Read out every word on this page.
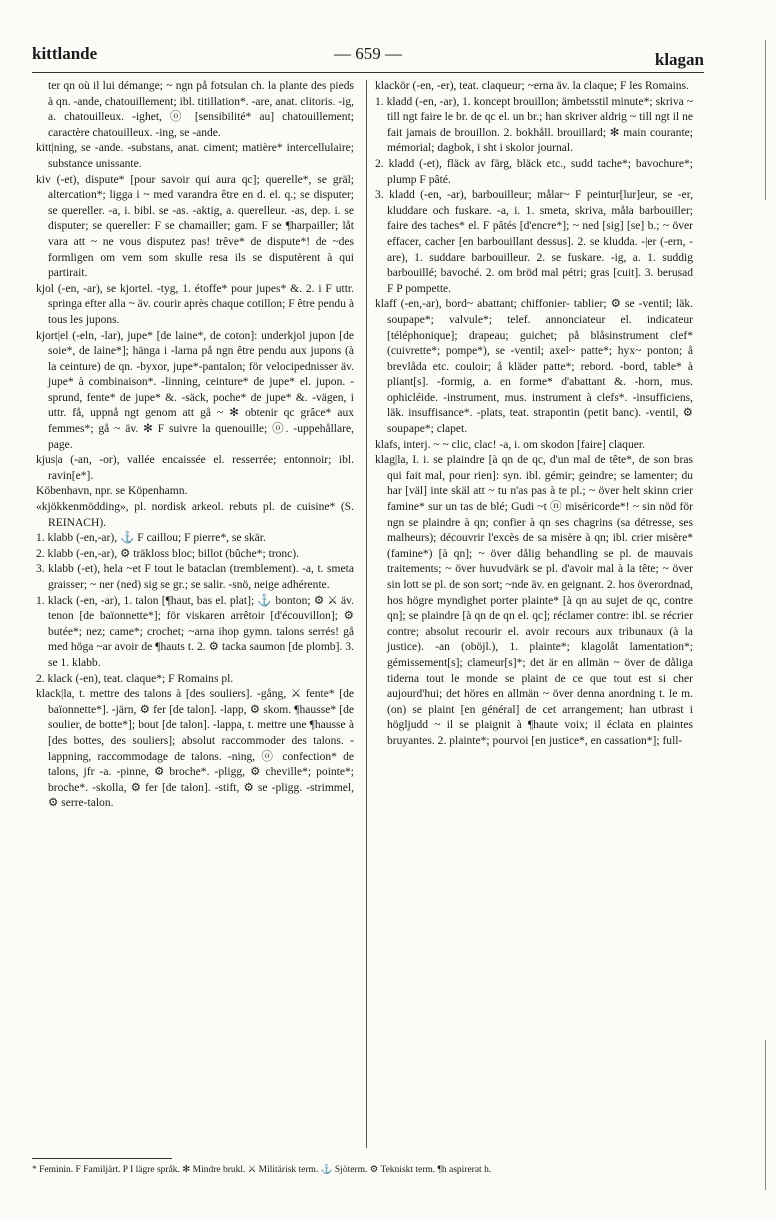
kittlande	— 659 —	klagan

ter qn où il lui démange; ~ ngn på fotsulan ch. la plante des pieds à qn. -ande, chatouillement; ibl. titillation*. -are, anat. clitoris. -ig, a. chatouilleux. -ighet, ⓞ [sensibilité* au] chatouillement; caractère chatouilleux. -ing, se -ande.

kitt|ning, se -ande. -substans, anat. ciment; matière* intercellulaire; substance unissante.

kiv (-et), dispute* [pour savoir qui aura qc]; querelle*, se gräl; altercation*; ligga i ~ med varandra être en d. el. q.; se disputer; se quereller. -a, i. bibl. se -as. -aktig, a. querelleur. -as, dep. i. se disputer; se quereller: F se chamailler; gam. F se ¶harpailler; låt vara att ~ ne vous disputez pas! trêve* de dispute*! de ~des formligen om vem som skulle resa ils se disputèrent à qui partirait.

kjol (-en, -ar), se kjortel. -tyg, 1. étoffe* pour jupes* &. 2. i F uttr. springa efter alla ~ äv. courir après chaque cotillon; F être pendu à tous les jupons.

kjort|el (-eln, -lar), jupe* [de laine*, de coton]: underkjol jupon [de soie*, de laine*]; hänga i -larna på ngn être pendu aux jupons (à la ceinture) de qn. -byxor, jupe*-pantalon; för velocipednisser äv. jupe* à combinaison*. -linning, ceinture* de jupe* el. jupon. -sprund, fente* de jupe* &. -säck, poche* de jupe* &. -vägen, i uttr. få, uppnå ngt genom att gå ~ ✻ obtenir qc grâce* aux femmes*; gå ~ äv. ✻ F suivre la quenouille; ⓞ. -uppehållare, page.

kjus|a (-an, -or), vallée encaissée el. resserrée; entonnoir; ibl. ravin[e*].

Köbenhavn, npr. se Köpenhamn.

«kjökkenmödding», pl. nordisk arkeol. rebuts pl. de cuisine* (S. REINACH).

1. klabb (-en,-ar), ⚓ F caillou; F pierre*, se skär.

2. klabb (-en,-ar), ⚙ träkloss bloc; billot (bûche*; tronc).

3. klabb (-et), hela ~et F tout le bataclan (tremblement). -a, t. smeta graisser; ~ ner (ned) sig se gr.; se salir. -snö, neige adhérente.

1. klack (-en, -ar), 1. talon [¶haut, bas el. plat]; ⚓ bonton; ⚙ ⚔ äv. tenon [de baïonnette*]; för viskaren arrêtoir [d'écouvillon]; ⚙ butée*; nez; came*; crochet; ~arna ihop gymn. talons serrés! gå med höga ~ar avoir de ¶hauts t. 2. ⚙ tacka saumon [de plomb]. 3. se 1. klabb.

2. klack (-en), teat. claque*; F Romains pl.

klack|la, t. mettre des talons à [des souliers]. -gång, ⚔ fente* [de baïonnette*]. -järn, ⚙ fer [de talon]. -lapp, ⚙ skom. ¶hausse* [de soulier, de botte*]; bout [de talon]. -lappa, t. mettre une ¶hausse à [des bottes, des souliers]; absolut raccommoder des talons. -lappning, raccommodage de talons. -ning, ⓞ confection* de talons, jfr -a. -pinne, ⚙ broche*. -pligg, ⚙ cheville*; pointe*; broche*. -skolla, ⚙ fer [de talon]. -stift, ⚙ se -pligg. -strimmel, ⚙ serre-talon.

klackör (-en, -er), teat. claqueur; ~erna äv. la claque; F les Romains.

1. kladd (-en, -ar), 1. koncept brouillon; ämbetsstil minute*; skriva ~ till ngt faire le br. de qc el. un br.; han skriver aldrig ~ till ngt il ne fait jamais de brouillon. 2. bokhåll. brouillard; ✻ main courante; mémorial; dagbok, i sht i skolor journal.

2. kladd (-et), fläck av färg, bläck etc., sudd tache*; bavochure*; plump F pâté.

3. kladd (-en, -ar), barbouilleur; målar~ F peintur[lur]eur, se -er, kluddare och fuskare. -a, i. 1. smeta, skriva, måla barbouiller; faire des taches* el. F pâtés [d'encre*]; ~ ned [sig] [se] b.; ~ över effacer, cacher [en barbouillant dessus]. 2. se kludda. -|er (-ern, -are), 1. suddare barbouilleur. 2. se fuskare. -ig, a. 1. suddig barbouillé; bavoché. 2. om bröd mal pétri; gras [cuit]. 3. berusad F P pompette.

klaff (-en,-ar), bord~ abattant; chiffonier- tablier; ⚙ se -ventil; läk. soupape*; valvule*; telef. annonciateur el. indicateur [téléphonique]; drapeau; guichet; på blåsinstrument clef* (cuivrette*; pompe*), se -ventil; axel~ patte*; hyx~ ponton; å brevlåda etc. couloir; å kläder patte*; rebord. -bord, table* à pliant[s]. -formig, a. en forme* d'abattant &. -horn, mus. ophicléide. -instrument, mus. instrument à clefs*. -insufficiens, läk. insuffisance*. -plats, teat. strapontin (petit banc). -ventil, ⚙ soupape*; clapet.

klafs, interj. ~ ~ clic, clac! -a, i. om skodon [faire] claquer.

klag|la, I. i. se plaindre [à qn de qc, d'un mal de tête*, de son bras qui fait mal, pour rien]: syn. ibl. gémir; geindre; se lamenter; du har [väl] inte skäl att ~ tu n'as pas à te pl.; ~ över helt skinn crier famine* sur un tas de blé; Gudi ~t ⓝ miséricorde*! ~ sin nöd för ngn se plaindre à qn; confier à qn ses chagrins (sa détresse, ses malheurs); découvrir l'excès de sa misère à qn; ibl. crier misère* (famine*) [à qn]; ~ över dålig behandling se pl. de mauvais traitements; ~ över huvudvärk se pl. d'avoir mal à la tête; ~ över sin lott se pl. de son sort; ~nde äv. en geignant. 2. hos överordnad, hos högre myndighet porter plainte* [à qn au sujet de qc, contre qn]; se plaindre [à qn de qn el. qc]; réclamer contre: ibl. se récrier contre; absolut recourir el. avoir recours aux tribunaux (à la justice). -an (oböjl.), 1. plainte*; klagolåt lamentation*; gémissement[s]; clameur[s]*; det är en allmän ~ över de dåliga tiderna tout le monde se plaint de ce que tout est si cher aujourd'hui; det höres en allmän ~ över denna anordning t. le m. (on) se plaint [en général] de cet arrangement; han utbrast i högljudd ~ il se plaignit à ¶haute voix; il éclata en plaintes bruyantes. 2. plainte*; pourvoi [en justice*, en cassation*]; full-

* Feminin. F Familjärt. P I lägre språk. ✻ Mindre brukl. ⚔ Militärisk term. ⚓ Sjöterm. ⚙ Tekniskt term. ¶h aspirerat h.
